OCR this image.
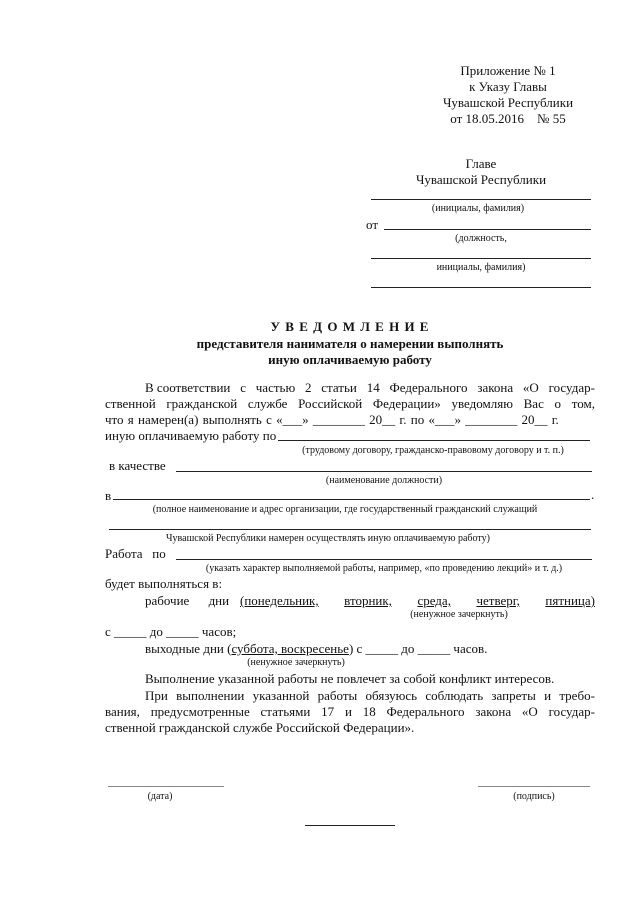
Приложение № 1
к Указу Главы
Чувашской Республики
от 18.05.2016    № 55
Главе
Чувашской Республики
(инициалы, фамилия)
от
(должность,
инициалы, фамилия)
У В Е Д О М Л Е Н И Е
представителя нанимателя о намерении выполнять
иную оплачиваемую работу
В соответствии с частью 2 статьи 14 Федерального закона «О государ-
ственной гражданской службе Российской Федерации» уведомляю Вас о том,
что я намерен(а) выполнять с «___» ________ 20__ г. по «___» ________ 20__ г.
иную оплачиваемую работу по
(трудовому договору, гражданско-правовому договору и т. п.)
в качестве
(наименование должности)
в	.
(полное наименование и адрес организации, где государственный гражданский служащий
Чувашской Республики намерен осуществлять иную оплачиваемую работу)
Работа   по
(указать характер выполняемой работы, например, «по проведению лекций» и т. д.)
будет выполняться в:
рабочие дни (понедельник, вторник, среда, четверг, пятница)
(ненужное зачеркнуть)
с _____ до _____ часов;
выходные дни (суббота, воскресенье) с _____ до _____ часов.
(ненужное зачеркнуть)
Выполнение указанной работы не повлечет за собой конфликт интересов.
При выполнении указанной работы обязуюсь соблюдать запреты и требо-
вания, предусмотренные статьями 17 и 18 Федерального закона «О государ-
ственной гражданской службе Российской Федерации».
(дата)	(подпись)
